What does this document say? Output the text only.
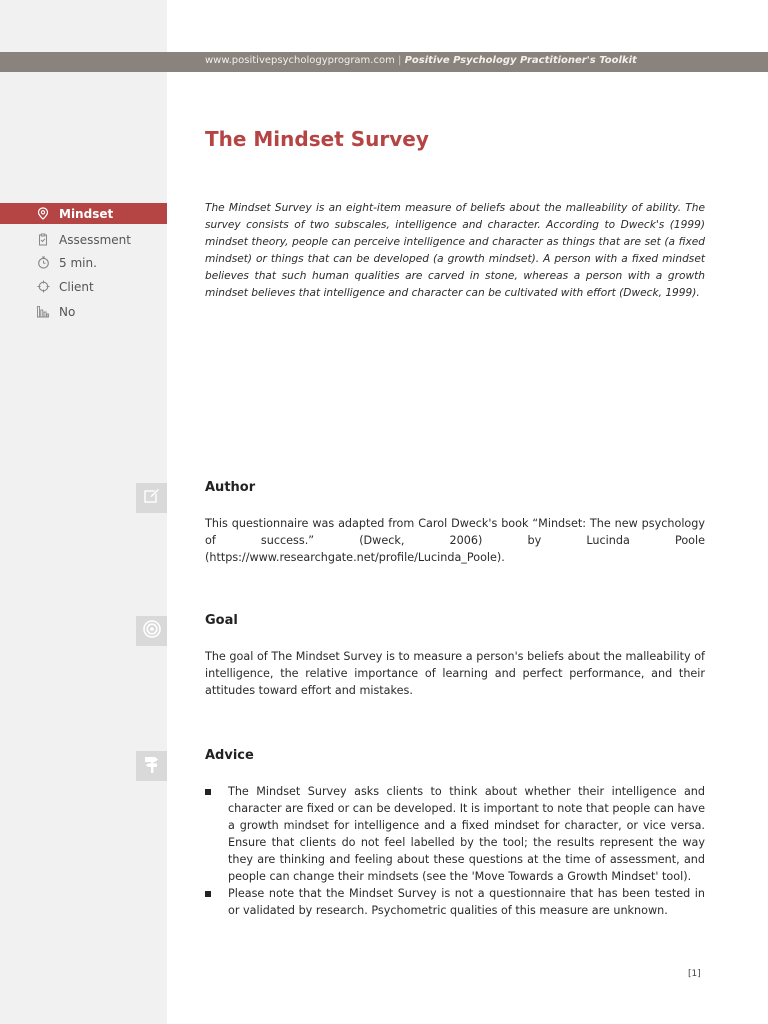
www.positivepsychologyprogram.com | Positive Psychology Practitioner's Toolkit
The Mindset Survey

The Mindset Survey is an eight-item measure of beliefs about the malleability of ability. The survey consists of two subscales, intelligence and character. According to Dweck's (1999) mindset theory, people can perceive intelligence and character as things that are set (a fixed mindset) or things that can be developed (a growth mindset). A person with a fixed mindset believes that such human qualities are carved in stone, whereas a person with a growth mindset believes that intelligence and character can be cultivated with effort (Dweck, 1999).

Mindset
Assessment
5 min.
Client
No
Author

This questionnaire was adapted from Carol Dweck's book “Mindset: The new psychology of success.” (Dweck, 2006) by Lucinda Poole (https://www.researchgate.net/profile/Lucinda_Poole).

Goal

The goal of The Mindset Survey is to measure a person's beliefs about the malleability of intelligence, the relative importance of learning and perfect performance, and their attitudes toward effort and mistakes.

Advice
The Mindset Survey asks clients to think about whether their intelligence and character are fixed or can be developed. It is important to note that people can have a growth mindset for intelligence and a fixed mindset for character, or vice versa. Ensure that clients do not feel labelled by the tool; the results represent the way they are thinking and feeling about these questions at the time of assessment, and people can change their mindsets (see the 'Move Towards a Growth Mindset' tool).
Please note that the Mindset Survey is not a questionnaire that has been tested in or validated by research. Psychometric qualities of this measure are unknown.
[1]
